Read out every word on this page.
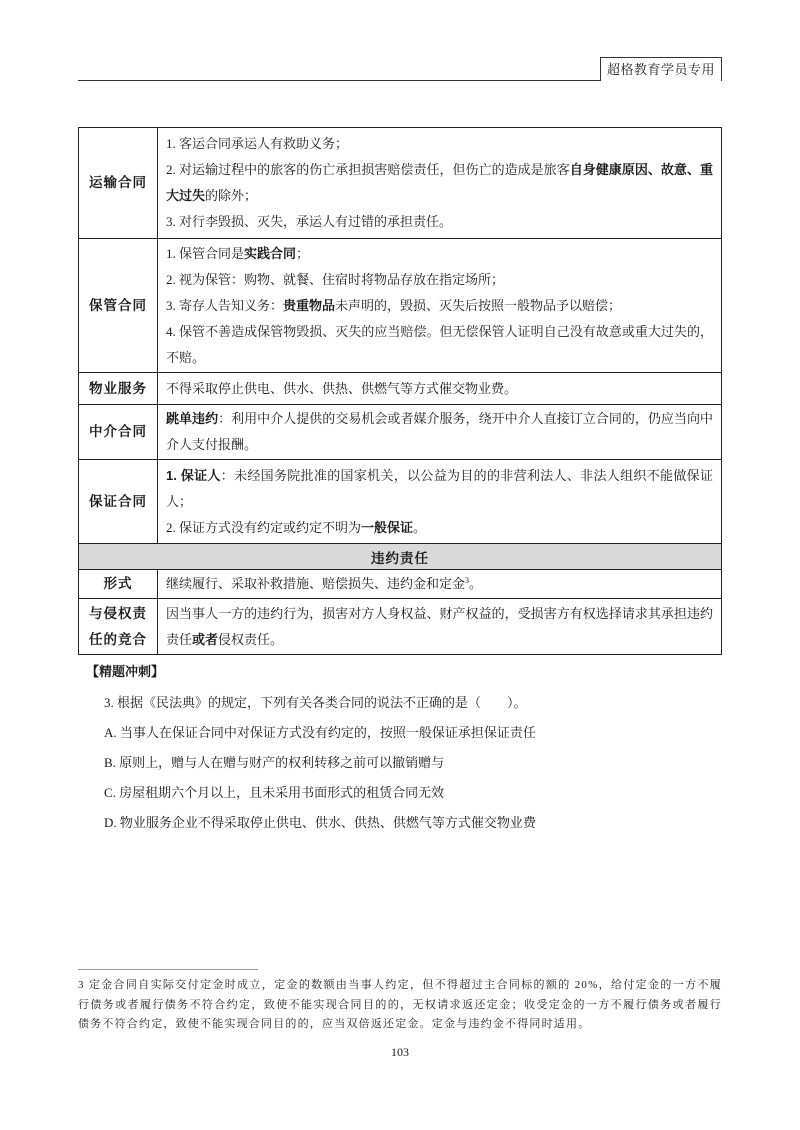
超格教育学员专用
运输合同	1. 客运合同承运人有救助义务；
2. 对运输过程中的旅客的伤亡承担损害赔偿责任，但伤亡的造成是旅客自身健康原因、故意、重大过失的除外；
3. 对行李毁损、灭失，承运人有过错的承担责任。

保管合同	1. 保管合同是实践合同；
2. 视为保管：购物、就餐、住宿时将物品存放在指定场所；
3. 寄存人告知义务：贵重物品未声明的，毁损、灭失后按照一般物品予以赔偿；
4. 保管不善造成保管物毁损、灭失的应当赔偿。但无偿保管人证明自己没有故意或重大过失的，不赔。

物业服务	不得采取停止供电、供水、供热、供燃气等方式催交物业费。

中介合同	跳单违约：利用中介人提供的交易机会或者媒介服务，绕开中介人直接订立合同的，仍应当向中介人支付报酬。

保证合同	1. 保证人：未经国务院批准的国家机关，以公益为目的的非营利法人、非法人组织不能做保证人；
2. 保证方式没有约定或约定不明为一般保证。

违约责任	
形式	继续履行、采取补救措施、赔偿损失、违约金和定金$^3$。

与侵权责任的竞合	因当事人一方的违约行为，损害对方人身权益、财产权益的，受损害方有权选择请求其承担违约责任或者侵权责任。
【精题冲刺】
3. 根据《民法典》的规定，下列有关各类合同的说法不正确的是（　　）。
A. 当事人在保证合同中对保证方式没有约定的，按照一般保证承担保证责任
B. 原则上，赠与人在赠与财产的权利转移之前可以撤销赠与
C. 房屋租期六个月以上，且未采用书面形式的租赁合同无效
D. 物业服务企业不得采取停止供电、供水、供热、供燃气等方式催交物业费
3 定金合同自实际交付定金时成立，定金的数额由当事人约定，但不得超过主合同标的额的 20%，给付定金的一方不履行债务或者履行债务不符合约定，致使不能实现合同目的的，无权请求返还定金；收受定金的一方不履行债务或者履行债务不符合约定，致使不能实现合同目的的，应当双倍返还定金。定金与违约金不得同时适用。
103
